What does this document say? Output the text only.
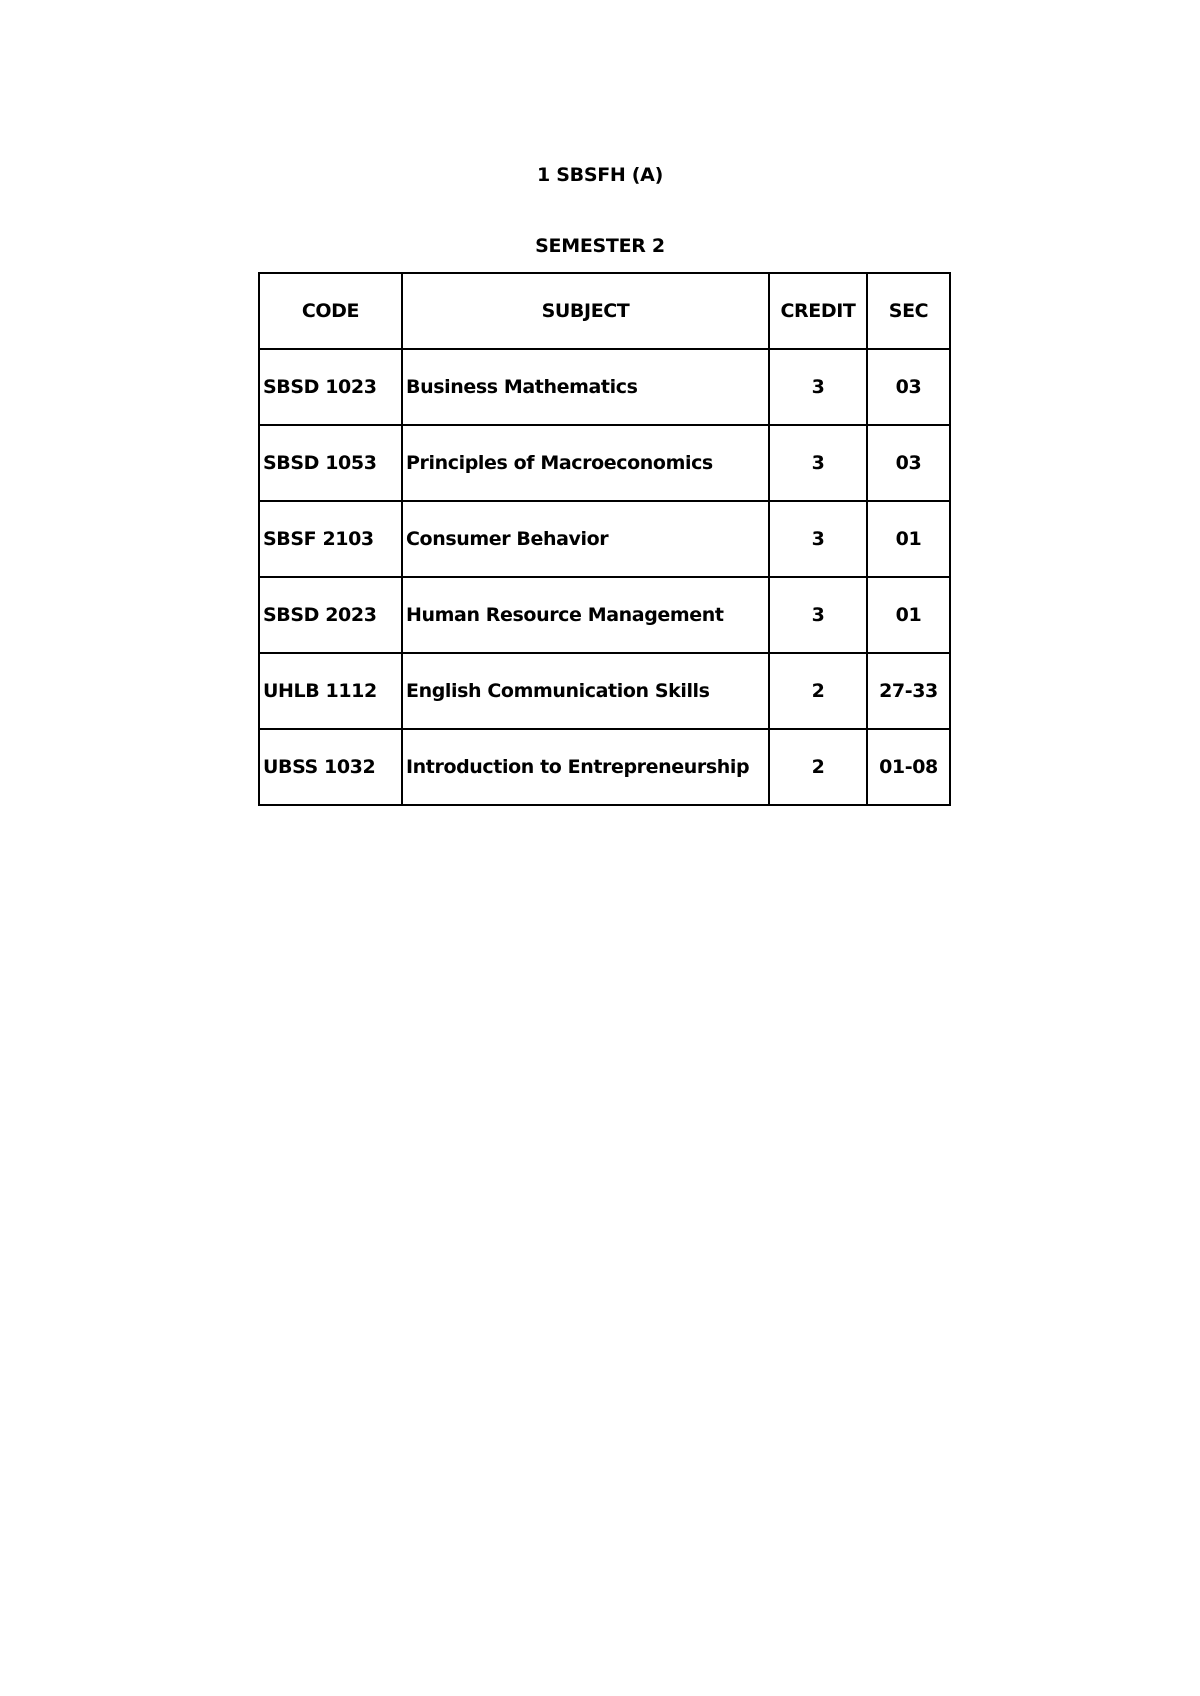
1 SBSFH (A)
SEMESTER 2
CODE	SUBJECT	CREDIT	SEC
SBSD 1023	Business Mathematics	3	03
SBSD 1053	Principles of Macroeconomics	3	03
SBSF 2103	Consumer Behavior	3	01
SBSD 2023	Human Resource Management	3	01
UHLB 1112	English Communication Skills	2	27-33
UBSS 1032	Introduction to Entrepreneurship	2	01-08
